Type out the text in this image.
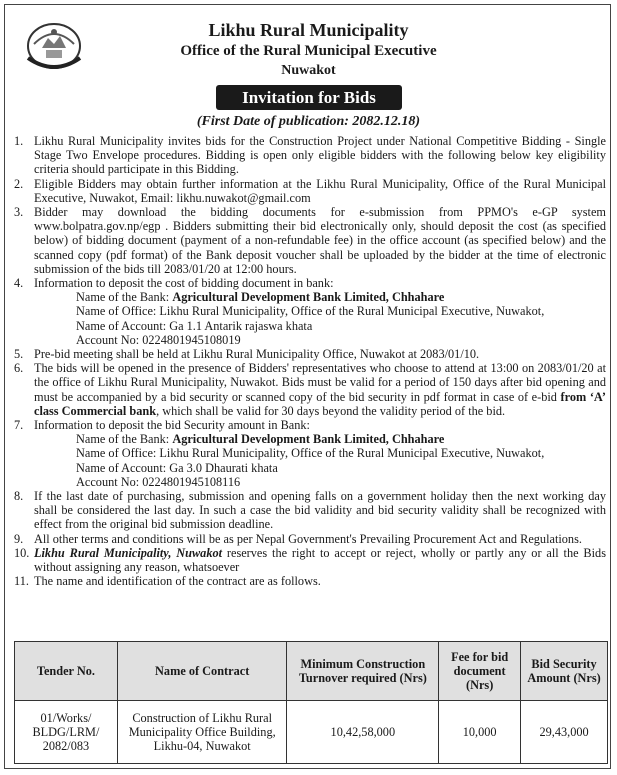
Likhu Rural Municipality
Office of the Rural Municipal Executive
Nuwakot
Invitation for Bids
(First Date of publication: 2082.12.18)
1. Likhu Rural Municipality invites bids for the Construction Project under National Competitive Bidding - Single Stage Two Envelope procedures. Bidding is open only eligible bidders with the following below key eligibility criteria should participate in this Bidding.
2. Eligible Bidders may obtain further information at the Likhu Rural Municipality, Office of the Rural Municipal Executive, Nuwakot, Email: likhu.nuwakot@gmail.com
3. Bidder may download the bidding documents for e-submission from PPMO's e-GP system www.bolpatra.gov.np/egp . Bidders submitting their bid electronically only, should deposit the cost (as specified below) of bidding document (payment of a non-refundable fee) in the office account (as specified below) and the scanned copy (pdf format) of the Bank deposit voucher shall be uploaded by the bidder at the time of electronic submission of the bids till 2083/01/20 at 12:00 hours.
4. Information to deposit the cost of bidding document in bank:
Name of the Bank: Agricultural Development Bank Limited, Chhahare
Name of Office: Likhu Rural Municipality, Office of the Rural Municipal Executive, Nuwakot,
Name of Account: Ga 1.1 Antarik rajaswa khata
Account No: 0224801945108019
5. Pre-bid meeting shall be held at Likhu Rural Municipality Office, Nuwakot at 2083/01/10.
6. The bids will be opened in the presence of Bidders' representatives who choose to attend at 13:00 on 2083/01/20 at the office of Likhu Rural Municipality, Nuwakot. Bids must be valid for a period of 150 days after bid opening and must be accompanied by a bid security or scanned copy of the bid security in pdf format in case of e-bid from ‘A’ class Commercial bank, which shall be valid for 30 days beyond the validity period of the bid.
7. Information to deposit the bid Security amount in Bank:
Name of the Bank: Agricultural Development Bank Limited, Chhahare
Name of Office: Likhu Rural Municipality, Office of the Rural Municipal Executive, Nuwakot,
Name of Account: Ga 3.0 Dhaurati khata
Account No: 0224801945108116
8. If the last date of purchasing, submission and opening falls on a government holiday then the next working day shall be considered the last day. In such a case the bid validity and bid security validity shall be recognized with effect from the original bid submission deadline.
9. All other terms and conditions will be as per Nepal Government's Prevailing Procurement Act and Regulations.
10. Likhu Rural Municipality, Nuwakot reserves the right to accept or reject, wholly or partly any or all the Bids without assigning any reason, whatsoever
11. The name and identification of the contract are as follows.
Tender No.	Name of Contract	Minimum Construction Turnover required (Nrs)	Fee for bid document (Nrs)	Bid Security Amount (Nrs)
01/Works/ BLDG/LRM/ 2082/083	Construction of Likhu Rural Municipality Office Building, Likhu-04, Nuwakot	10,42,58,000	10,000	29,43,000
